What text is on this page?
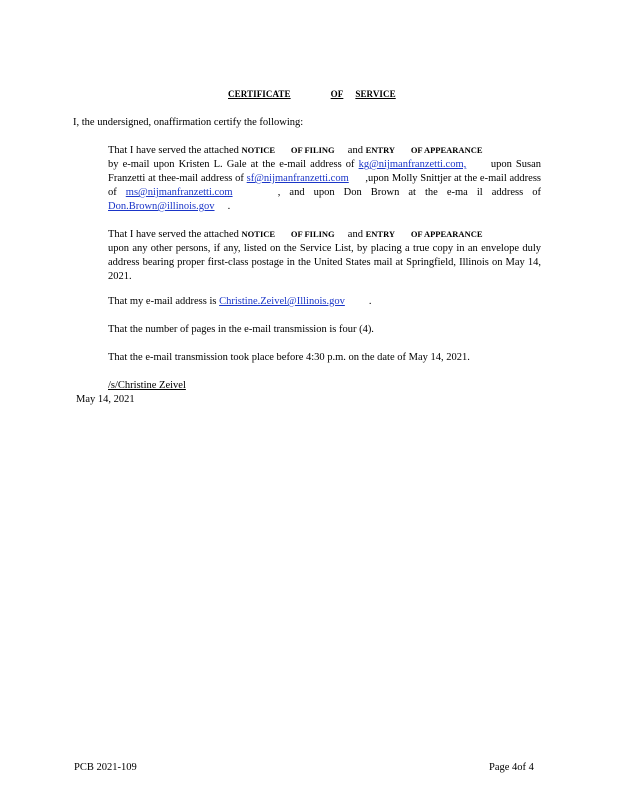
CERTIFICATE	OF SERVICE
I, the undersigned, onaffirmation certify the following:
That I have served the attached NOTICE OF FILING and ENTRY OF APPEARANCE
by e-mail upon Kristen L. Gale at the e-mail address of kg@nijmanfranzetti.com, upon Susan Franzetti at thee-mail address of sf@nijmanfranzetti.com ,upon Molly Snittjer at the e-mail address of ms@nijmanfranzetti.com	, and upon Don Brown at the e-ma il address of Don.Brown@illinois.gov .
That I have served the attached NOTICE OF FILING and ENTRY OF APPEARANCE
upon any other persons, if any, listed on the Service List, by placing a true copy in an envelope duly address bearing proper first-class postage in the United States mail at Springfield, Illinois on May 14, 2021.
That my e-mail address is Christine.Zeivel@Illinois.gov .
That the number of pages in the e-mail transmission is four (4).
That the e-mail transmission took place before 4:30 p.m. on the date of May 14, 2021.
/s/Christine Zeivel
May 14, 2021
PCB 2021-109	Page 4of 4
